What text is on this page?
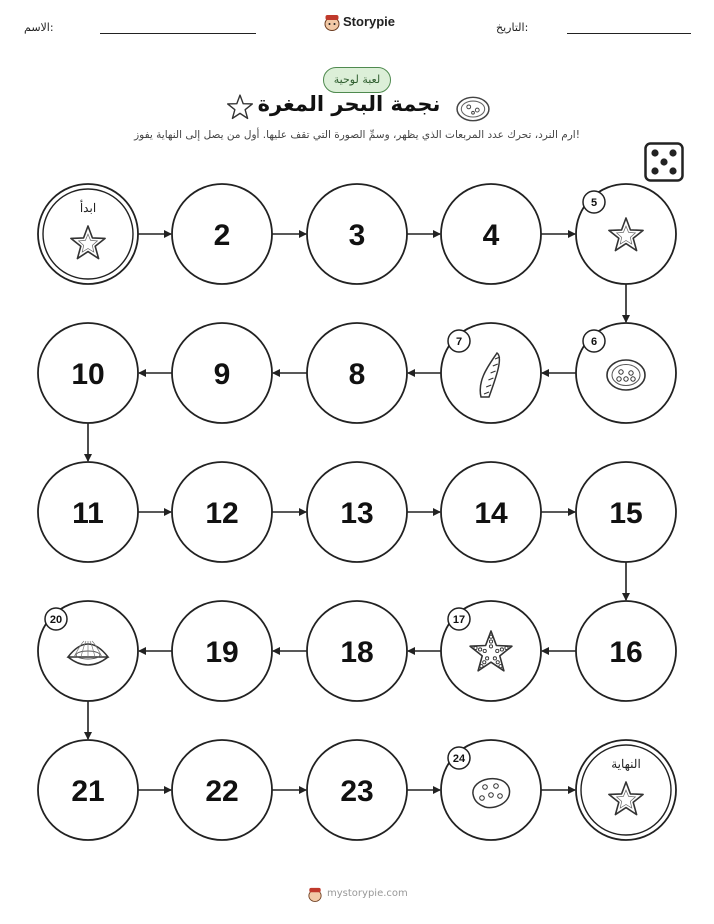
الاسم:	Storypie	التاريخ:
لعبة لوحية
نجمة البحر المغرة
ارم النرد، تحرك عدد المربعات الذي يظهر، وسمِّ الصورة التي تقف عليها. أول من يصل إلى النهاية يفوز!
ابدأ
2	3	4
5
6
7
8
9
10
11	12	13	14	15
16
17
18
19
20
21	22	23
24	النهاية
mystorypie.com
